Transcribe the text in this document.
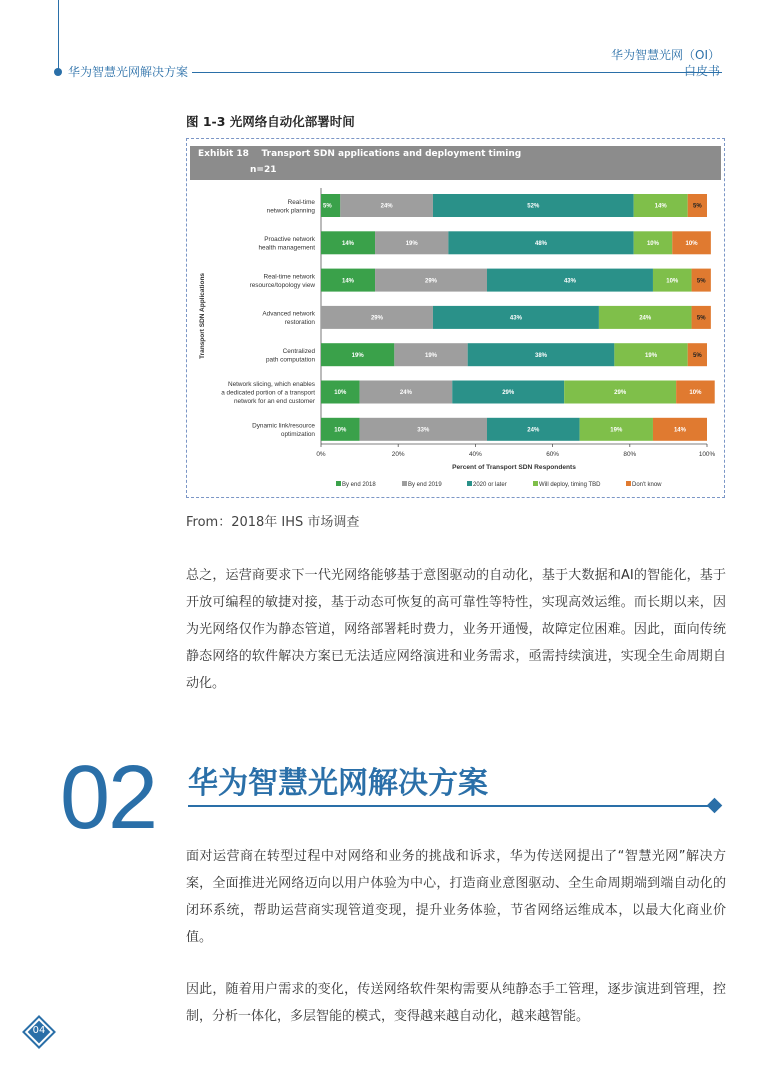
华为智慧光网解决方案
华为智慧光网（OI）
白皮书
图 1-3 光网络自动化部署时间
Exhibit 18 Transport SDN applications and deployment timing
n=21
Transport SDN Applications
Real-time
network planning
5%	24%	52%	14%	5%
Proactive network
health management
14%	19%	48%	10%	10%
Real-time network
resource/topology view
14%	29%	43%	10%	5%
Advanced network
restoration
29%	43%	24%	5%
Centralized
path computation
19%	19%	38%	19%	5%
Network slicing, which enables
a dedicated portion of a transport
network for an end customer
10%	24%	29%	29%	10%
Dynamic link/resource
optimization
10%	33%	24%	19%	14%
0%	20%	40%	60%	80%	100%
Percent of Transport SDN Respondents
By end 2018	By end 2019	2020 or later	Will deploy, timing TBD	Don't know
From：2018年 IHS 市场调查
总之，运营商要求下一代光网络能够基于意图驱动的自动化，基于大数据和AI的智能化，基于开放可编程的敏捷对接，基于动态可恢复的高可靠性等特性，实现高效运维。而长期以来，因为光网络仅作为静态管道，网络部署耗时费力，业务开通慢，故障定位困难。因此，面向传统静态网络的软件解决方案已无法适应网络演进和业务需求，亟需持续演进，实现全生命周期自动化。
02 华为智慧光网解决方案
面对运营商在转型过程中对网络和业务的挑战和诉求，华为传送网提出了“智慧光网”解决方案，全面推进光网络迈向以用户体验为中心，打造商业意图驱动、全生命周期端到端自动化的闭环系统，帮助运营商实现管道变现，提升业务体验，节省网络运维成本，以最大化商业价值。
因此，随着用户需求的变化，传送网络软件架构需要从纯静态手工管理，逐步演进到管理，控制，分析一体化，多层智能的模式，变得越来越自动化，越来越智能。
04
